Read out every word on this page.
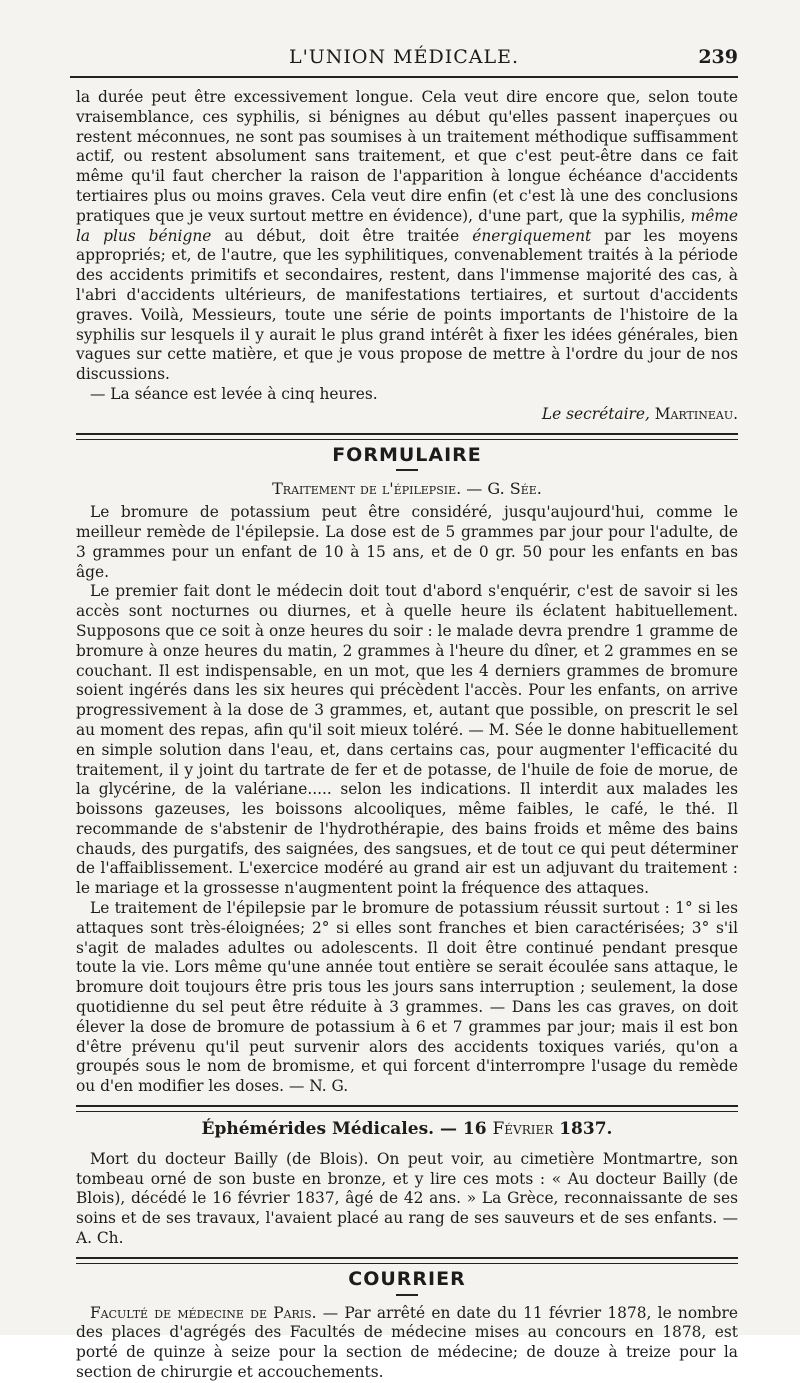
L'UNION MÉDICALE.	239

la durée peut être excessivement longue. Cela veut dire encore que, selon toute vraisemblance, ces syphilis, si bénignes au début qu'elles passent inaperçues ou restent méconnues, ne sont pas soumises à un traitement méthodique suffisamment actif, ou restent absolument sans traitement, et que c'est peut-être dans ce fait même qu'il faut chercher la raison de l'apparition à longue échéance d'accidents tertiaires plus ou moins graves. Cela veut dire enfin (et c'est là une des conclusions pratiques que je veux surtout mettre en évidence), d'une part, que la syphilis, même la plus bénigne au début, doit être traitée énergiquement par les moyens appropriés; et, de l'autre, que les syphilitiques, convenablement traités à la période des accidents primitifs et secondaires, restent, dans l'immense majorité des cas, à l'abri d'accidents ultérieurs, de manifestations tertiaires, et surtout d'accidents graves. Voilà, Messieurs, toute une série de points importants de l'histoire de la syphilis sur lesquels il y aurait le plus grand intérêt à fixer les idées générales, bien vagues sur cette matière, et que je vous propose de mettre à l'ordre du jour de nos discussions.

— La séance est levée à cinq heures.

Le secrétaire, Martineau.

FORMULAIRE
Traitement de l'épilepsie. — G. Sée.

Le bromure de potassium peut être considéré, jusqu'aujourd'hui, comme le meilleur remède de l'épilepsie. La dose est de 5 grammes par jour pour l'adulte, de 3 grammes pour un enfant de 10 à 15 ans, et de 0 gr. 50 pour les enfants en bas âge.

Le premier fait dont le médecin doit tout d'abord s'enquérir, c'est de savoir si les accès sont nocturnes ou diurnes, et à quelle heure ils éclatent habituellement. Supposons que ce soit à onze heures du soir : le malade devra prendre 1 gramme de bromure à onze heures du matin, 2 grammes à l'heure du dîner, et 2 grammes en se couchant. Il est indispensable, en un mot, que les 4 derniers grammes de bromure soient ingérés dans les six heures qui précèdent l'accès. Pour les enfants, on arrive progressivement à la dose de 3 grammes, et, autant que possible, on prescrit le sel au moment des repas, afin qu'il soit mieux toléré. — M. Sée le donne habituellement en simple solution dans l'eau, et, dans certains cas, pour augmenter l'efficacité du traitement, il y joint du tartrate de fer et de potasse, de l'huile de foie de morue, de la glycérine, de la valériane..... selon les indications. Il interdit aux malades les boissons gazeuses, les boissons alcooliques, même faibles, le café, le thé. Il recommande de s'abstenir de l'hydrothérapie, des bains froids et même des bains chauds, des purgatifs, des saignées, des sangsues, et de tout ce qui peut déterminer de l'affaiblissement. L'exercice modéré au grand air est un adjuvant du traitement : le mariage et la grossesse n'augmentent point la fréquence des attaques.

Le traitement de l'épilepsie par le bromure de potassium réussit surtout : 1° si les attaques sont très-éloignées; 2° si elles sont franches et bien caractérisées; 3° s'il s'agit de malades adultes ou adolescents. Il doit être continué pendant presque toute la vie. Lors même qu'une année tout entière se serait écoulée sans attaque, le bromure doit toujours être pris tous les jours sans interruption ; seulement, la dose quotidienne du sel peut être réduite à 3 grammes. — Dans les cas graves, on doit élever la dose de bromure de potassium à 6 et 7 grammes par jour; mais il est bon d'être prévenu qu'il peut survenir alors des accidents toxiques variés, qu'on a groupés sous le nom de bromisme, et qui forcent d'interrompre l'usage du remède ou d'en modifier les doses. — N. G.

Éphémérides Médicales. — 16 Février 1837.

Mort du docteur Bailly (de Blois). On peut voir, au cimetière Montmartre, son tombeau orné de son buste en bronze, et y lire ces mots : « Au docteur Bailly (de Blois), décédé le 16 février 1837, âgé de 42 ans. » La Grèce, reconnaissante de ses soins et de ses travaux, l'avaient placé au rang de ses sauveurs et de ses enfants. — A. Ch.

COURRIER

Faculté de médecine de Paris. — Par arrêté en date du 11 février 1878, le nombre des places d'agrégés des Facultés de médecine mises au concours en 1878, est porté de quinze à seize pour la section de médecine; de douze à treize pour la section de chirurgie et accouchements.
